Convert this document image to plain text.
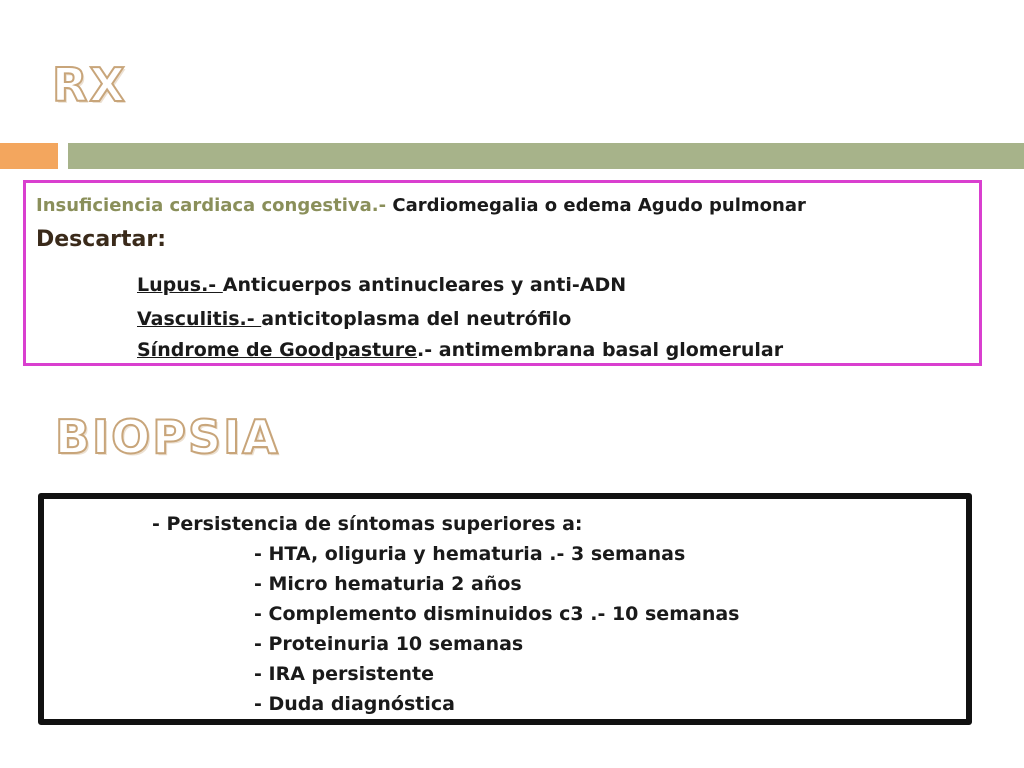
RX

Insuficiencia cardiaca congestiva.- Cardiomegalia o edema Agudo pulmonar

Descartar:

Lupus.- Anticuerpos antinucleares y anti-ADN

Vasculitis.- anticitoplasma del neutrófilo

Síndrome de Goodpasture.- antimembrana basal glomerular

BIOPSIA

- Persistencia de síntomas superiores a:

- HTA, oliguria y hematuria .- 3 semanas

- Micro hematuria 2 años

- Complemento disminuidos c3 .- 10 semanas

- Proteinuria 10 semanas

- IRA persistente

- Duda diagnóstica
